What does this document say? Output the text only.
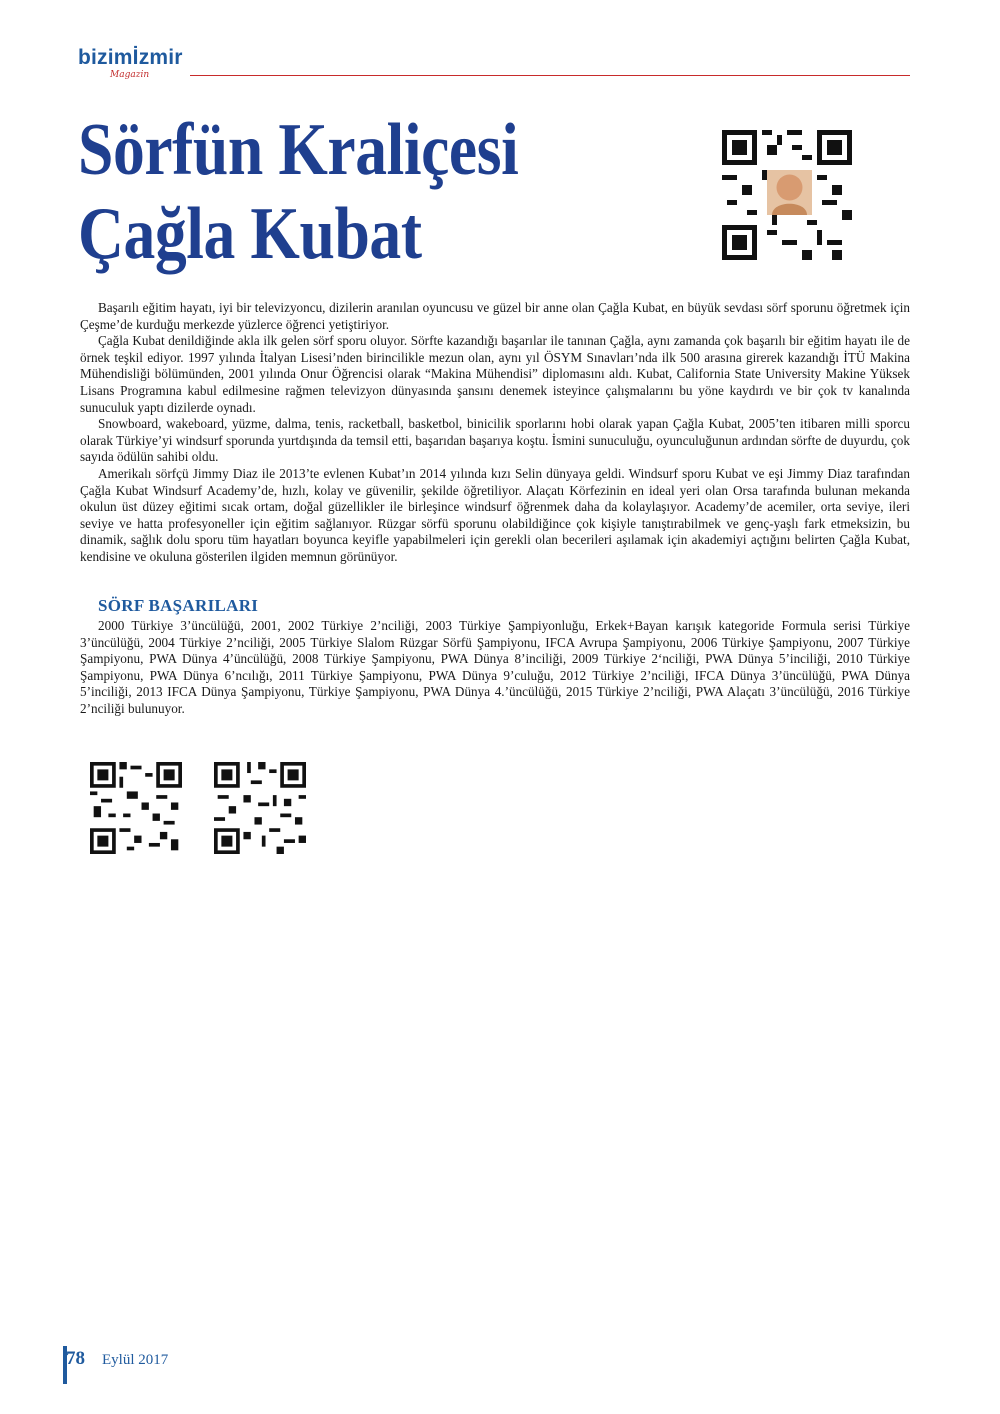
STARBOARD
ET-A01
bizimİzmir
Magazin
Sörfün Kraliçesi
Çağla Kubat

Başarılı eğitim hayatı, iyi bir televizyoncu, dizilerin aranılan oyuncusu ve güzel bir anne olan Çağla Kubat, en büyük sevdası sörf sporunu öğretmek için Çeşme’de kurduğu merkezde yüzlerce öğrenci yetiştiriyor.

Çağla Kubat denildiğinde akla ilk gelen sörf sporu oluyor. Sörfte kazandığı başarılar ile tanınan Çağla, aynı zamanda çok başarılı bir eğitim hayatı ile de örnek teşkil ediyor. 1997 yılında İtalyan Lisesi’nden birincilikle mezun olan, aynı yıl ÖSYM Sınavları’nda ilk 500 arasına girerek kazandığı İTÜ Makina Mühendisliği bölümünden, 2001 yılında Onur Öğrencisi olarak “Makina Mühendisi” diplomasını aldı. Kubat, California State University Makine Yüksek Lisans Programına kabul edilmesine rağmen televizyon dünyasında şansını denemek isteyince çalışmalarını bu yöne kaydırdı ve bir çok tv kanalında sunuculuk yaptı dizilerde oynadı.

Snowboard, wakeboard, yüzme, dalma, tenis, racketball, basketbol, binicilik sporlarını hobi olarak yapan Çağla Kubat, 2005’ten itibaren milli sporcu olarak Türkiye’yi windsurf sporunda yurtdışında da temsil etti, başarıdan başarıya koştu. İsmini sunuculuğu, oyunculuğunun ardından sörfte de duyurdu, çok sayıda ödülün sahibi oldu.

Amerikalı sörfçü Jimmy Diaz ile 2013’te evlenen Kubat’ın 2014 yılında kızı Selin dünyaya geldi. Windsurf sporu Kubat ve eşi Jimmy Diaz tarafından Çağla Kubat Windsurf Academy’de, hızlı, kolay ve güvenilir, şekilde öğretiliyor. Alaçatı Körfezinin en ideal yeri olan Orsa tarafında bulunan mekanda okulun üst düzey eğitimi sıcak ortam, doğal güzellikler ile birleşince windsurf öğrenmek daha da kolaylaşıyor. Academy’de acemiler, orta seviye, ileri seviye ve hatta profesyoneller için eğitim sağlanıyor. Rüzgar sörfü sporunu olabildiğince çok kişiyle tanıştırabilmek ve genç-yaşlı fark etmeksizin, bu dinamik, sağlık dolu sporu tüm hayatları boyunca keyifle yapabilmeleri için gerekli olan becerileri aşılamak için akademiyi açtığını belirten Çağla Kubat, kendisine ve okuluna gösterilen ilgiden memnun görünüyor.

SÖRF BAŞARILARI

2000 Türkiye 3’üncülüğü, 2001, 2002 Türkiye 2’nciliği, 2003 Türkiye Şampiyonluğu, Erkek+Bayan karışık kategoride Formula serisi Türkiye 3’üncülüğü, 2004 Türkiye 2’nciliği, 2005 Türkiye Slalom Rüzgar Sörfü Şampiyonu, IFCA Avrupa Şampiyonu, 2006 Türkiye Şampiyonu, 2007 Türkiye Şampiyonu, PWA Dünya 4’üncülüğü, 2008 Türkiye Şampiyonu, PWA Dünya 8’inciliği, 2009 Türkiye 2‘nciliği, PWA Dünya 5’inciliği, 2010 Türkiye Şampiyonu, PWA Dünya 6’ncılığı, 2011 Türkiye Şampiyonu, PWA Dünya 9’culuğu, 2012 Türkiye 2’nciliği, IFCA Dünya 3’üncülüğü, PWA Dünya 5’inciliği, 2013 IFCA Dünya Şampiyonu, Türkiye Şampiyonu, PWA Dünya 4.’üncülüğü, 2015 Türkiye 2’nciliği, PWA Alaçatı 3’üncülüğü, 2016 Türkiye 2’nciliği bulunuyor.

78 Eylül 2017
